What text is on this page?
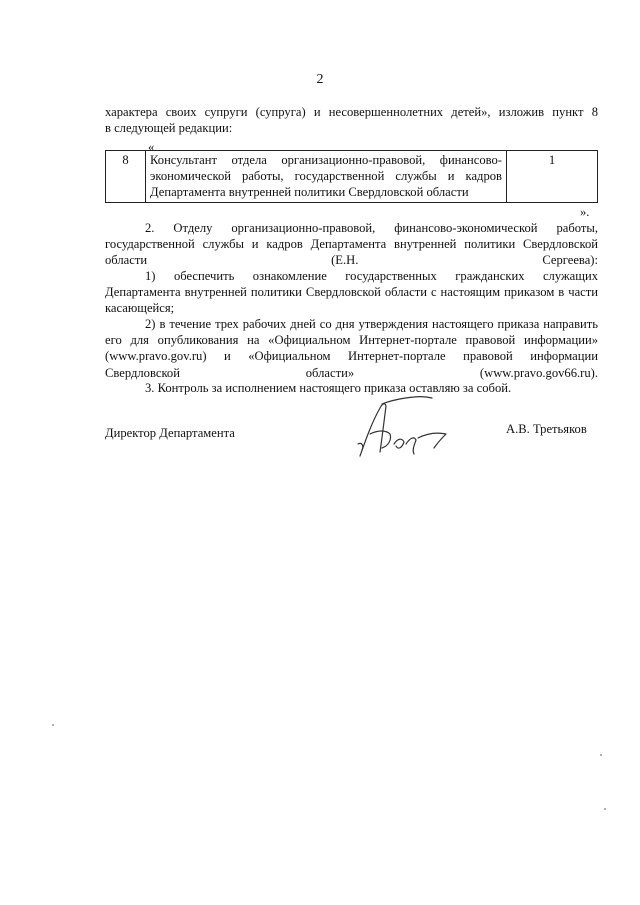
2

характера своих супруги (супруга) и несовершеннолетних детей», изложив пункт 8

в следующей редакции:

«
8	Консультант отдела организационно-правовой, финансово-экономической работы, государственной службы и кадров Департамента внутренней политики Свердловской области	1
».

2. Отделу организационно-правовой, финансово-экономической работы, государственной службы и кадров Департамента внутренней политики Свердловской области (Е.Н. Сергеева):

1) обеспечить ознакомление государственных гражданских служащих Департамента внутренней политики Свердловской области с настоящим приказом в части касающейся;

2) в течение трех рабочих дней со дня утверждения настоящего приказа направить его для опубликования на «Официальном Интернет-портале правовой информации» (www.pravo.gov.ru) и «Официальном Интернет-портале правовой информации Свердловской области» (www.pravo.gov66.ru).

3. Контроль за исполнением настоящего приказа оставляю за собой.

Директор Департамента	А.В. Третьяков
